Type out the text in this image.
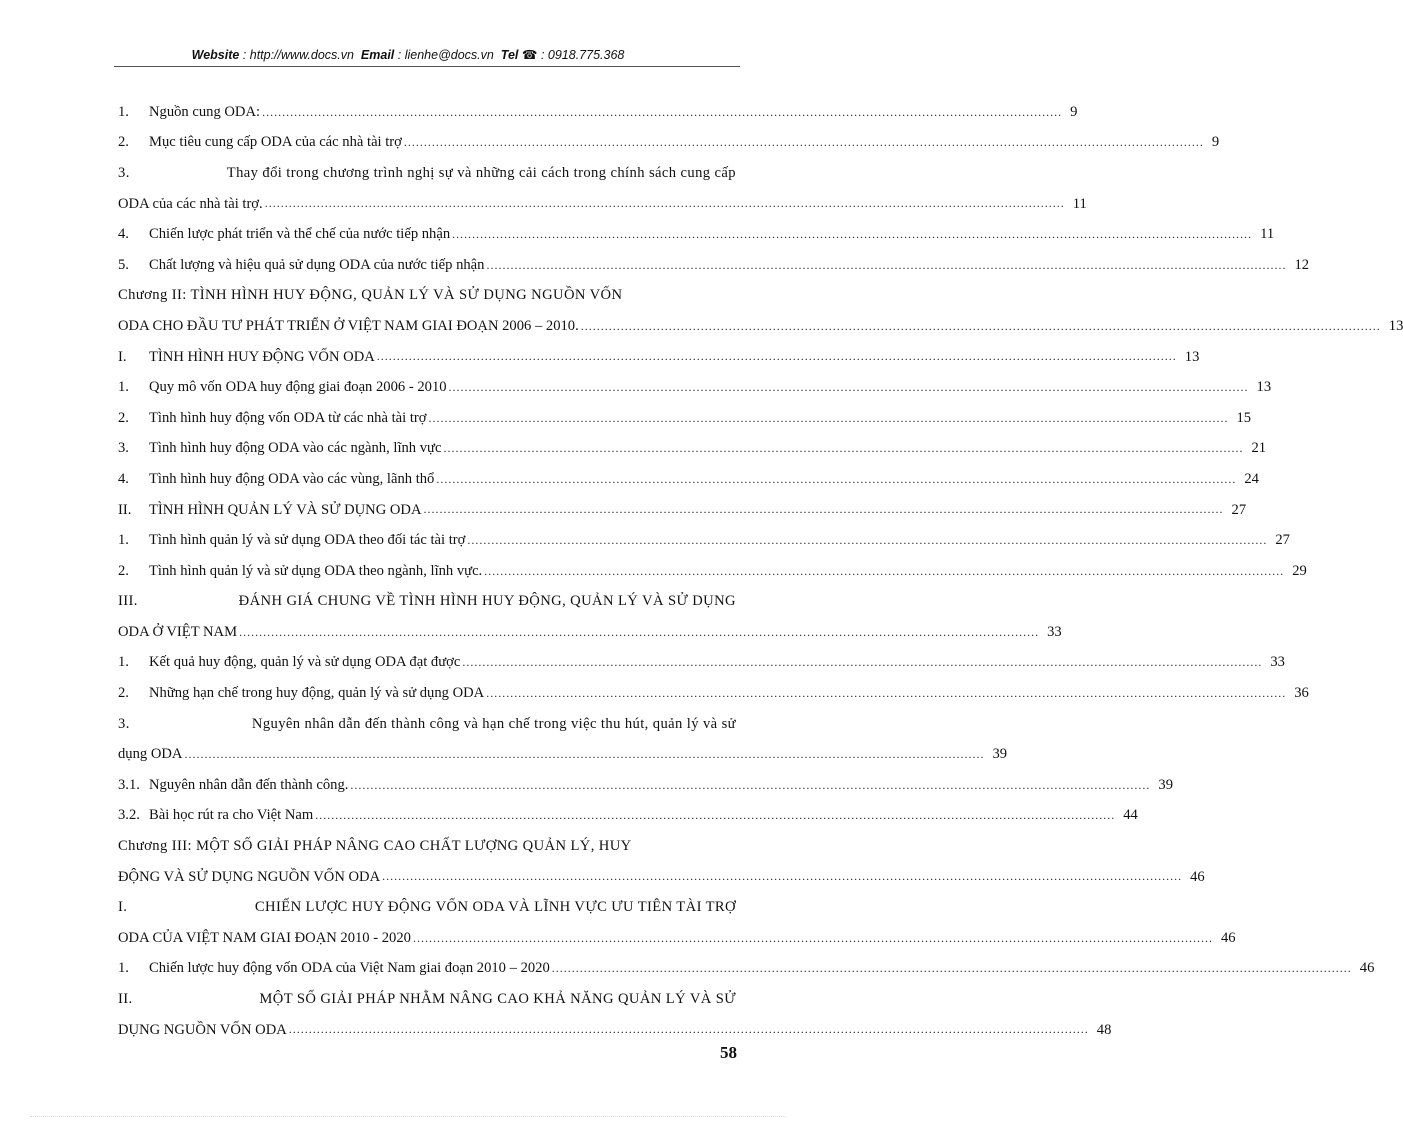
Website : http://www.docs.vn Email : lienhe@docs.vn Tel ☎ : 0918.775.368
1.	Nguồn cung ODA: ........................................................................................................................................................................................................ 9
2.	Mục tiêu cung cấp ODA của các nhà tài trợ ........................................................................................................................................................................................................ 9
3.	Thay đổi trong chương trình nghị sự và những cải cách trong chính sách cung cấp
ODA của các nhà tài trợ. ........................................................................................................................................................................................................ 11
4.	Chiến lược phát triển và thể chế của nước tiếp nhận ........................................................................................................................................................................................................ 11
5.	Chất lượng và hiệu quả sử dụng ODA của nước tiếp nhận ........................................................................................................................................................................................................ 12
Chương II: TÌNH HÌNH HUY ĐỘNG, QUẢN LÝ VÀ SỬ DỤNG NGUỒN VỐN
ODA CHO ĐẦU TƯ PHÁT TRIỂN Ở VIỆT NAM GIAI ĐOẠN 2006 – 2010. ........................................................................................................................................................................................................ 13
I.	TÌNH HÌNH HUY ĐỘNG VỐN ODA ........................................................................................................................................................................................................ 13
1.	Quy mô vốn ODA huy động giai đoạn 2006 - 2010 ........................................................................................................................................................................................................ 13
2.	Tình hình huy động vốn ODA từ các nhà tài trợ ........................................................................................................................................................................................................ 15
3.	Tình hình huy động ODA vào các ngành, lĩnh vực ........................................................................................................................................................................................................ 21
4.	Tình hình huy động ODA vào các vùng, lãnh thổ ........................................................................................................................................................................................................ 24
II.	TÌNH HÌNH QUẢN LÝ VÀ SỬ DỤNG ODA ........................................................................................................................................................................................................ 27
1.	Tình hình quản lý và sử dụng ODA theo đối tác tài trợ ........................................................................................................................................................................................................ 27
2.	Tình hình quản lý và sử dụng ODA theo ngành, lĩnh vực. ........................................................................................................................................................................................................ 29
III.	ĐÁNH GIÁ CHUNG VỀ TÌNH HÌNH HUY ĐỘNG, QUẢN LÝ VÀ SỬ DỤNG
ODA Ở VIỆT NAM ........................................................................................................................................................................................................ 33
1.	Kết quả huy động, quản lý và sử dụng ODA đạt được ........................................................................................................................................................................................................ 33
2.	Những hạn chế trong huy động, quản lý và sử dụng ODA ........................................................................................................................................................................................................ 36
3.	Nguyên nhân dẫn đến thành công và hạn chế trong việc thu hút, quản lý và sử
dụng ODA ........................................................................................................................................................................................................ 39
3.1. Nguyên nhân dẫn đến thành công. ........................................................................................................................................................................................................ 39
3.2. Bài học rút ra cho Việt Nam ........................................................................................................................................................................................................ 44
Chương III: MỘT SỐ GIẢI PHÁP NÂNG CAO CHẤT LƯỢNG QUẢN LÝ, HUY
ĐỘNG VÀ SỬ DỤNG NGUỒN VỐN ODA ........................................................................................................................................................................................................ 46
I.	CHIẾN LƯỢC HUY ĐỘNG VỐN ODA VÀ LĨNH VỰC ƯU TIÊN TÀI TRỢ
ODA CỦA VIỆT NAM GIAI ĐOẠN 2010 - 2020 ........................................................................................................................................................................................................ 46
1.	Chiến lược huy động vốn ODA của Việt Nam giai đoạn 2010 – 2020 ........................................................................................................................................................................................................ 46
II.	MỘT SỐ GIẢI PHÁP NHẰM NÂNG CAO KHẢ NĂNG QUẢN LÝ VÀ SỬ
DỤNG NGUỒN VỐN ODA ........................................................................................................................................................................................................ 48
58
